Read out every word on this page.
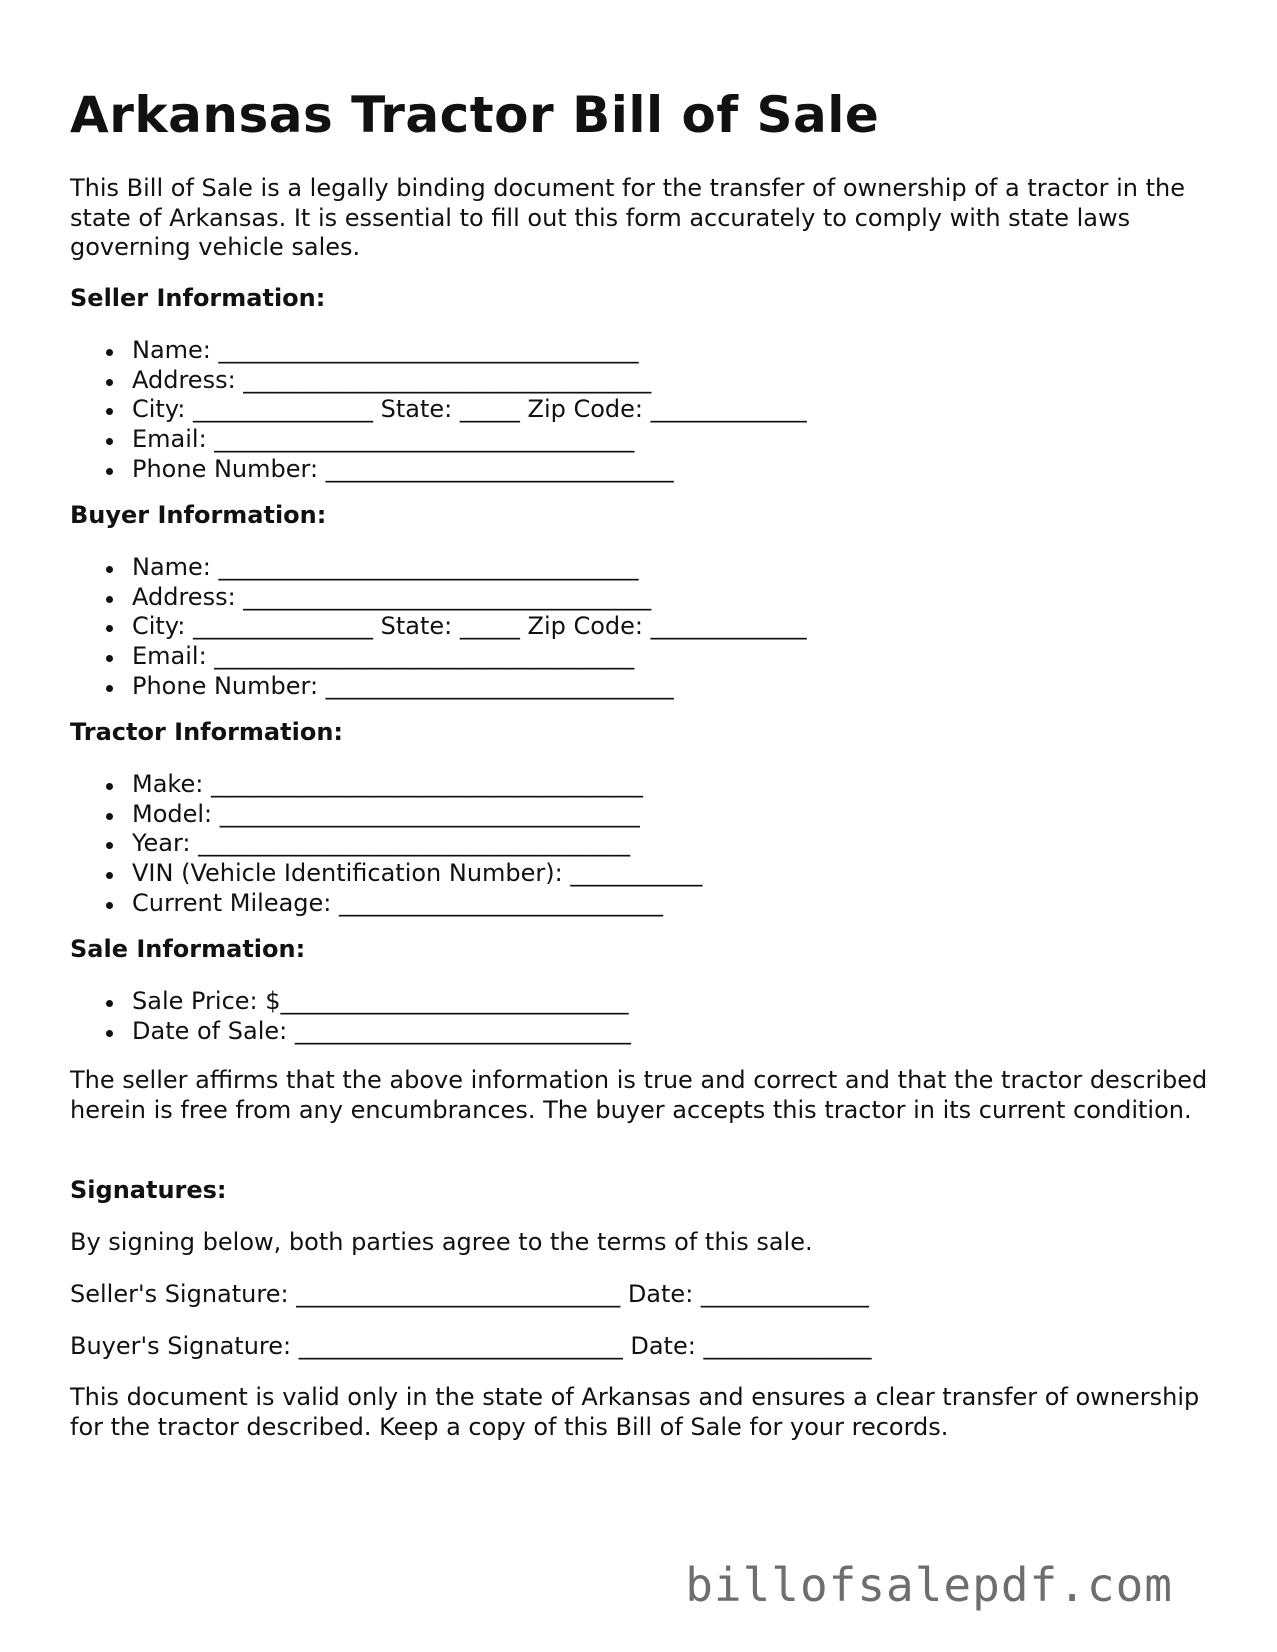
Arkansas Tractor Bill of Sale

This Bill of Sale is a legally binding document for the transfer of ownership of a tractor in the state of Arkansas. It is essential to fill out this form accurately to comply with state laws governing vehicle sales.

Seller Information:

Name: ___________________________________
Address: __________________________________
City: _______________ State: _____ Zip Code: _____________
Email: ___________________________________
Phone Number: _____________________________

Buyer Information:

Name: ___________________________________
Address: __________________________________
City: _______________ State: _____ Zip Code: _____________
Email: ___________________________________
Phone Number: _____________________________

Tractor Information:

Make: ____________________________________
Model: ___________________________________
Year: ____________________________________
VIN (Vehicle Identification Number): ___________
Current Mileage: ___________________________

Sale Information:

Sale Price: $_____________________________
Date of Sale: ____________________________

The seller affirms that the above information is true and correct and that the tractor described herein is free from any encumbrances. The buyer accepts this tractor in its current condition.

Signatures:

By signing below, both parties agree to the terms of this sale.

Seller's Signature: ___________________________ Date: ______________

Buyer's Signature: ___________________________ Date: ______________

This document is valid only in the state of Arkansas and ensures a clear transfer of ownership for the tractor described. Keep a copy of this Bill of Sale for your records.

billofsalepdf.com
